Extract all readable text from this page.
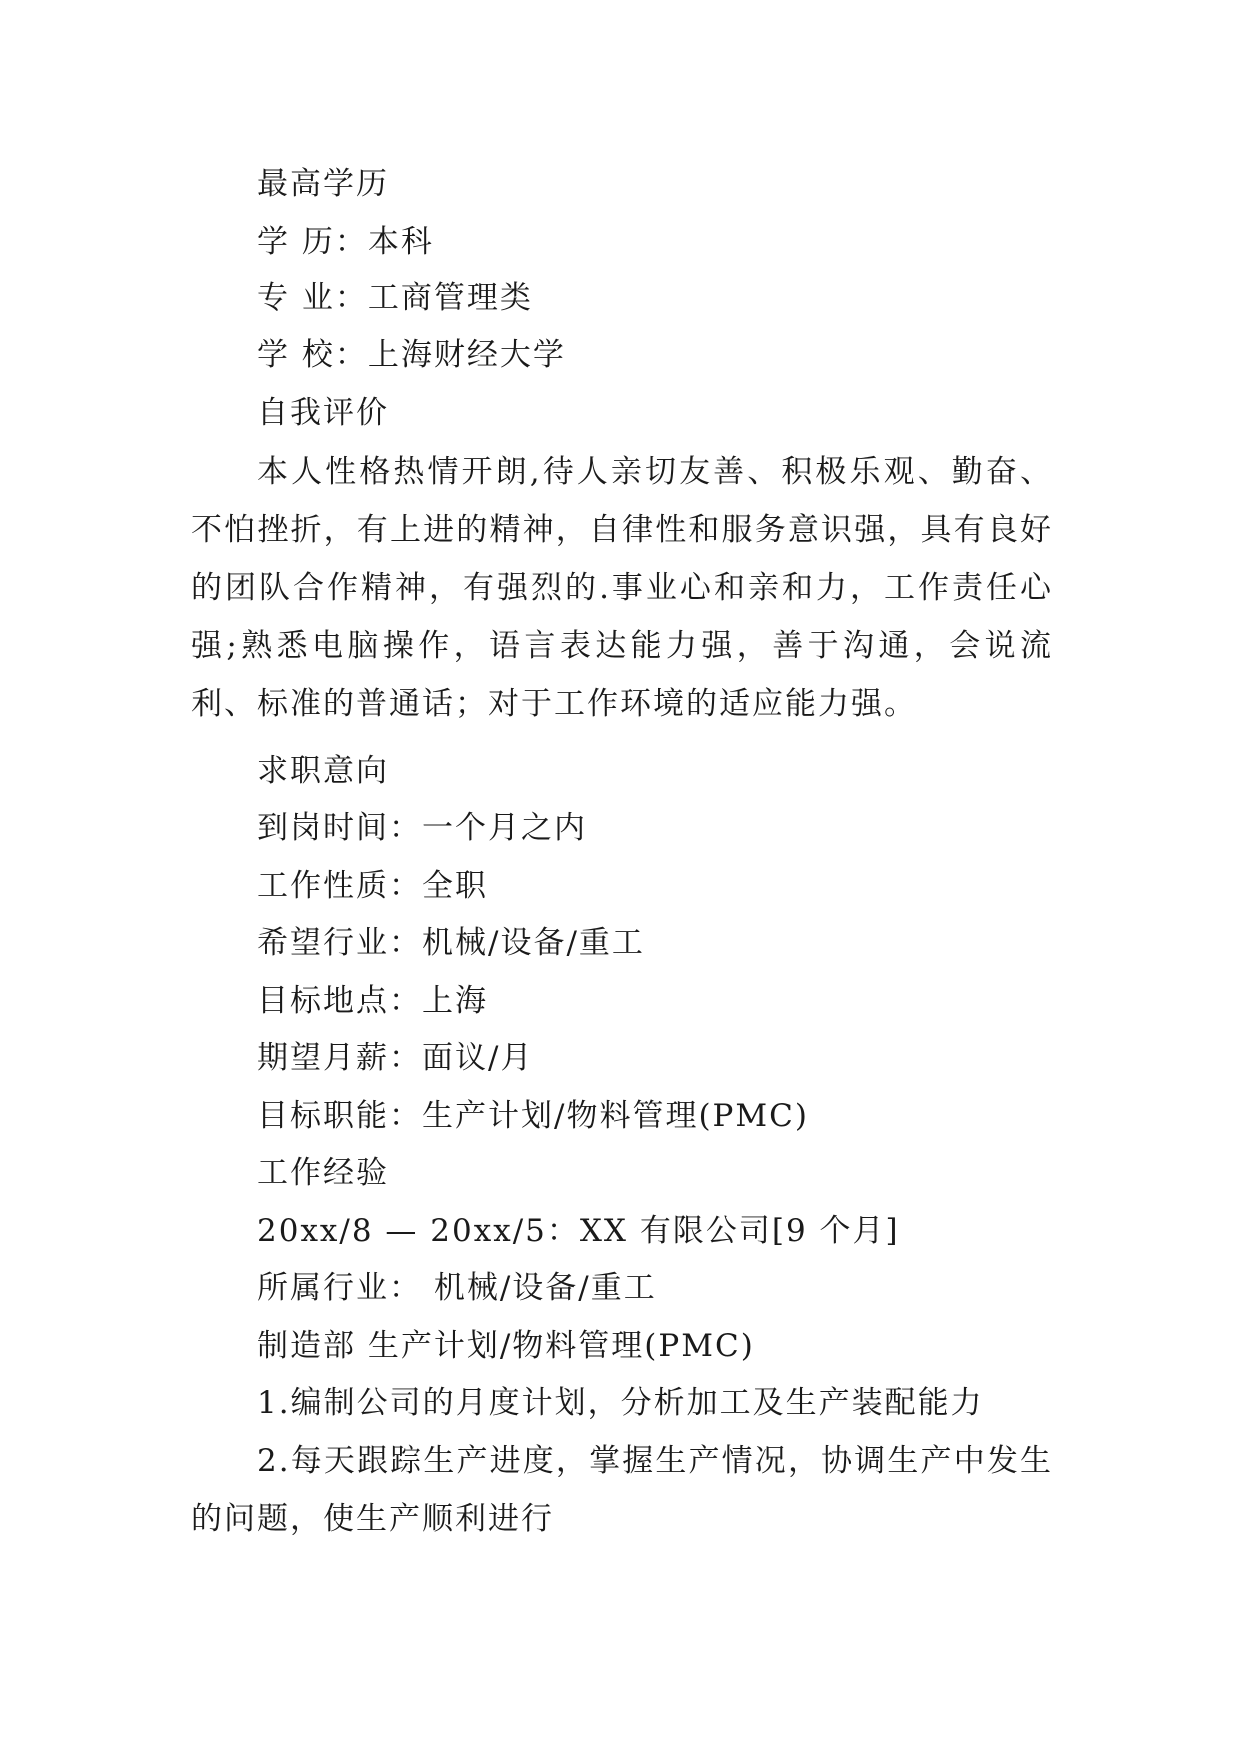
最高学历
学 历：本科
专 业：工商管理类
学 校：上海财经大学
自我评价

本人性格热情开朗,待人亲切友善、积极乐观、勤奋、不怕挫折，有上进的精神，自律性和服务意识强，具有良好的团队合作精神，有强烈的.事业心和亲和力，工作责任心强;熟悉电脑操作，语言表达能力强，善于沟通，会说流利、标准的普通话；对于工作环境的适应能力强。

求职意向
到岗时间：一个月之内
工作性质：全职
希望行业：机械/设备/重工
目标地点：上海
期望月薪：面议/月
目标职能：生产计划/物料管理(PMC)
工作经验
20xx/8 — 20xx/5：XX 有限公司[9 个月]
所属行业： 机械/设备/重工
制造部 生产计划/物料管理(PMC)
1.编制公司的月度计划，分析加工及生产装配能力

2.每天跟踪生产进度，掌握生产情况，协调生产中发生的问题，使生产顺利进行
